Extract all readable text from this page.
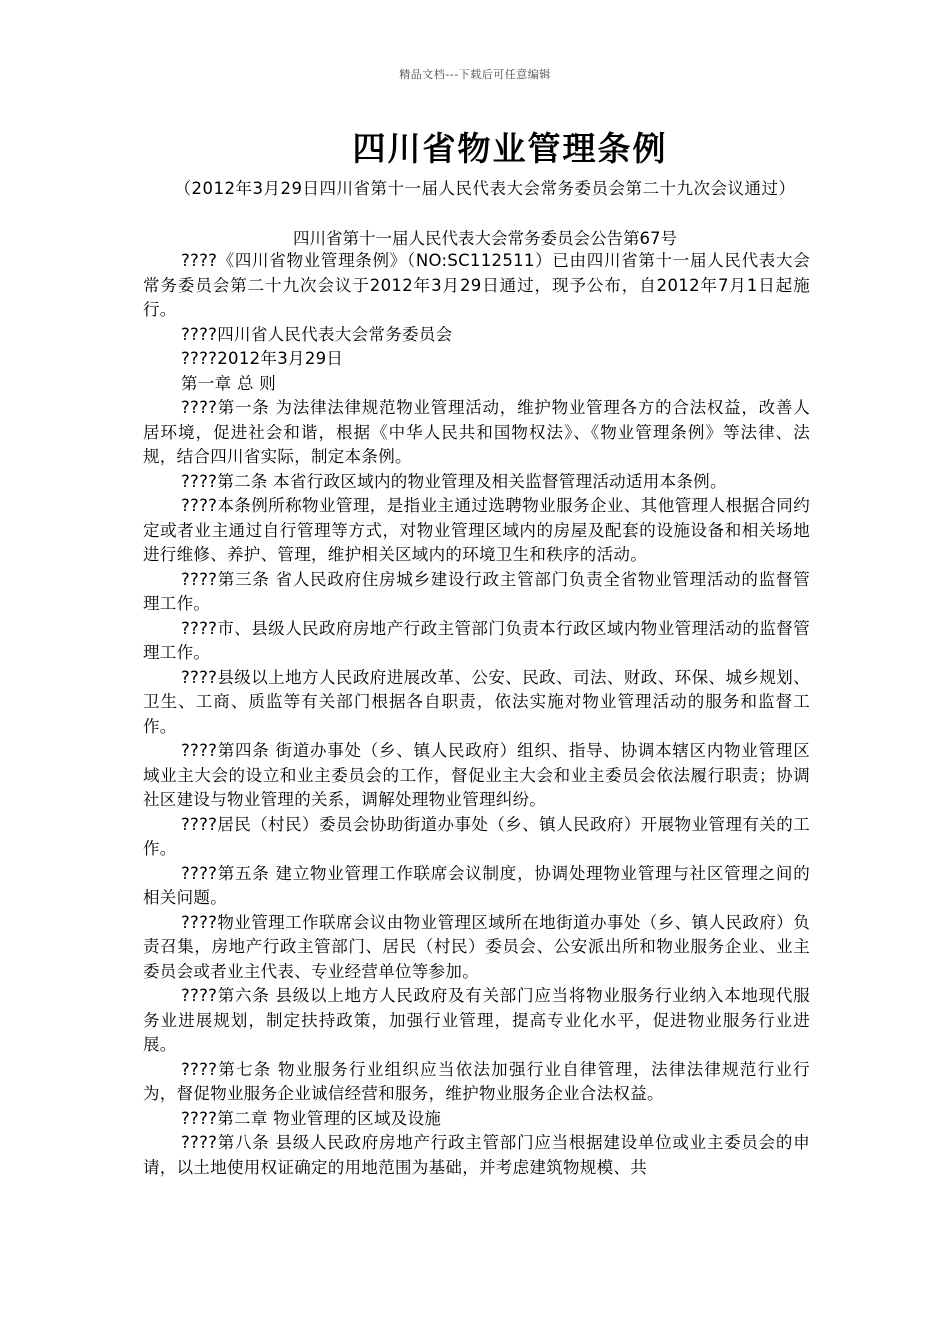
精品文档---下载后可任意编辑
四川省物业管理条例
（2012年3月29日四川省第十一届人民代表大会常务委员会第二十九次会议通过）
四川省第十一届人民代表大会常务委员会公告第67号

????《四川省物业管理条例》（NO:SC112511）已由四川省第十一届人民代表大会常务委员会第二十九次会议于2012年3月29日通过，现予公布，自2012年7月1日起施行。

????四川省人民代表大会常务委员会

????2012年3月29日

第一章 总 则

????第一条 为法律法律规范物业管理活动，维护物业管理各方的合法权益，改善人居环境，促进社会和谐，根据《中华人民共和国物权法》、《物业管理条例》等法律、法规，结合四川省实际，制定本条例。

????第二条 本省行政区域内的物业管理及相关监督管理活动适用本条例。

????本条例所称物业管理，是指业主通过选聘物业服务企业、其他管理人根据合同约定或者业主通过自行管理等方式，对物业管理区域内的房屋及配套的设施设备和相关场地进行维修、养护、管理，维护相关区域内的环境卫生和秩序的活动。

????第三条 省人民政府住房城乡建设行政主管部门负责全省物业管理活动的监督管理工作。

????市、县级人民政府房地产行政主管部门负责本行政区域内物业管理活动的监督管理工作。

????县级以上地方人民政府进展改革、公安、民政、司法、财政、环保、城乡规划、卫生、工商、质监等有关部门根据各自职责，依法实施对物业管理活动的服务和监督工作。

????第四条 街道办事处（乡、镇人民政府）组织、指导、协调本辖区内物业管理区域业主大会的设立和业主委员会的工作，督促业主大会和业主委员会依法履行职责；协调社区建设与物业管理的关系，调解处理物业管理纠纷。

????居民（村民）委员会协助街道办事处（乡、镇人民政府）开展物业管理有关的工作。

????第五条 建立物业管理工作联席会议制度，协调处理物业管理与社区管理之间的相关问题。

????物业管理工作联席会议由物业管理区域所在地街道办事处（乡、镇人民政府）负责召集，房地产行政主管部门、居民（村民）委员会、公安派出所和物业服务企业、业主委员会或者业主代表、专业经营单位等参加。

????第六条 县级以上地方人民政府及有关部门应当将物业服务行业纳入本地现代服务业进展规划，制定扶持政策，加强行业管理，提高专业化水平，促进物业服务行业进展。

????第七条 物业服务行业组织应当依法加强行业自律管理，法律法律规范行业行为，督促物业服务企业诚信经营和服务，维护物业服务企业合法权益。

????第二章 物业管理的区域及设施

????第八条 县级人民政府房地产行政主管部门应当根据建设单位或业主委员会的申请，以土地使用权证确定的用地范围为基础，并考虑建筑物规模、共
